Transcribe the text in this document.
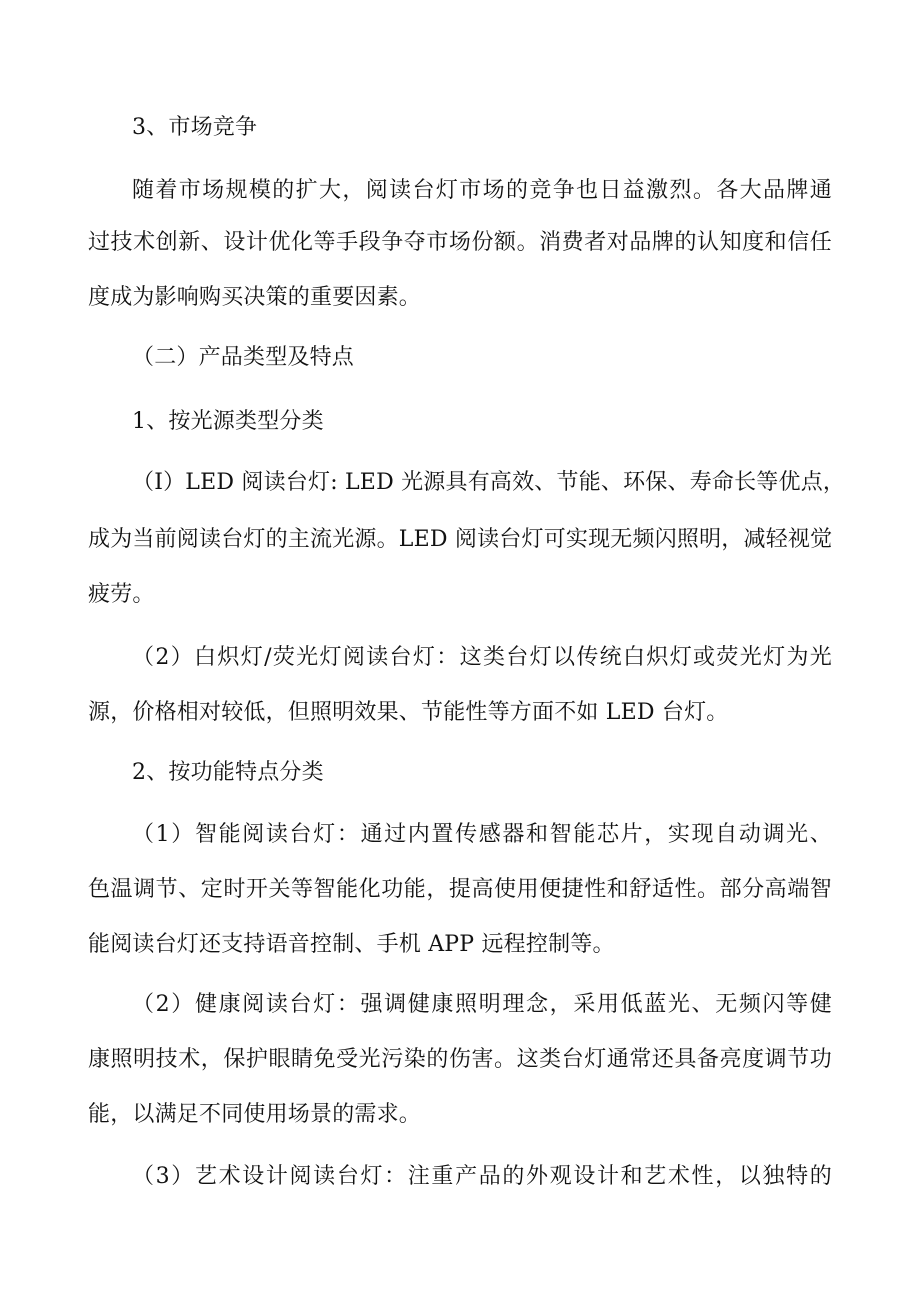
3、市场竞争
随着市场规模的扩大，阅读台灯市场的竞争也日益激烈。各大品牌通
过技术创新、设计优化等手段争夺市场份额。消费者对品牌的认知度和信任
度成为影响购买决策的重要因素。
（二）产品类型及特点
1、按光源类型分类
（I）LED 阅读台灯: LED 光源具有高效、节能、环保、寿命长等优点，
成为当前阅读台灯的主流光源。LED 阅读台灯可实现无频闪照明，减轻视觉
疲劳。
（2）白炽灯/荧光灯阅读台灯：这类台灯以传统白炽灯或荧光灯为光
源，价格相对较低，但照明效果、节能性等方面不如 LED 台灯。
2、按功能特点分类
（1）智能阅读台灯：通过内置传感器和智能芯片，实现自动调光、
色温调节、定时开关等智能化功能，提高使用便捷性和舒适性。部分高端智
能阅读台灯还支持语音控制、手机 APP 远程控制等。
（2）健康阅读台灯：强调健康照明理念，采用低蓝光、无频闪等健
康照明技术，保护眼睛免受光污染的伤害。这类台灯通常还具备亮度调节功
能，以满足不同使用场景的需求。
（3）艺术设计阅读台灯：注重产品的外观设计和艺术性，以独特的
